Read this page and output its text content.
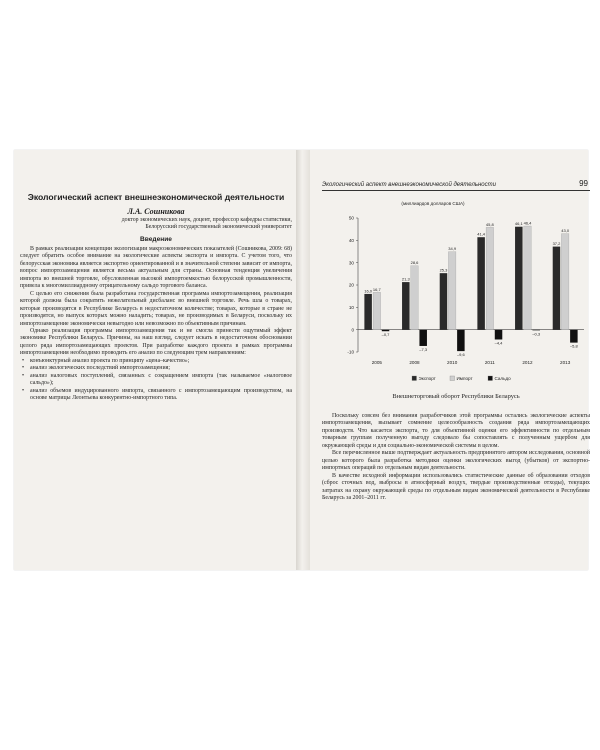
Экологический аспект внешнеэкономической деятельности
Л.А. Сошникова

доктор экономических наук, доцент, профессор кафедры статистики,

Белорусский государственный экономический университет

Введение

В рамках реализации концепции экологизации макроэкономических показателей (Сошникова, 2009: 68) следует обратить особое внимание на экологические аспекты экспорта и импорта. С учетом того, что белорусская экономика является экспортно ориентированной и в значительной степени зависит от импорта, вопрос импортозамещения является весьма актуальным для страны. Основная тенденция увеличения импорта во внешней торговле, обусловленная высокой импортоемкостью белорусской промышленности, привела к многомиллиардному отрицательному сальдо торгового баланса.

С целью его снижения была разработана государственная программа импортозамещения, реализация которой должна была сократить нежелательный дисбаланс во внешней торговле. Речь шла о товарах, которые производятся в Республике Беларусь в недостаточном количестве; товарах, которые в стране не производятся, но выпуск которых можно наладить; товарах, не производимых в Беларуси, поскольку их импортозамещение экономически невыгодно или невозможно по объективным причинам.

Однако реализация программы импортозамещения так и не смогла принести ощутимый эффект экономике Республики Беларусь. Причины, на наш взгляд, следует искать в недостаточном обосновании целого ряда импортозамещающих проектов. При разработке каждого проекта в рамках программы импортозамещения необходимо проводить его анализ по следующим трем направлениям:

• конъюнктурный анализ проекта по принципу «цена–качество»;
• анализ экологических последствий импортозамещения;
• анализ налоговых поступлений, связанных с сокращением импорта (так называемое «налоговое сальдо»);
• анализ объемов индуцированного импорта, связанного с импортозамещающим производством, на основе матрицы Леонтьева конкурентно-импортного типа.
Экологический аспект внешнеэкономической деятельности	99
(миллиардов долларов США)
-10
0
10
20
30
40
50
16,0 16,7
–0,7
2005
21,3
28,6
–7,3
2008
25,3
34,9
–9,6
2010
41,4
45,8
–4,4
2011
46,1 46,4
–0,3
2012
37,2
43,0
–5,8
2013
Экспорт	Импорт	Сальдо
Внешнеторговый оборот Республики Беларусь

Поскольку совсем без внимания разработчиков этой программы остались экологические аспекты импортозамещения, вызывает сомнение целесообразность создания ряда импортозамещающих производств. Что касается экспорта, то для объективной оценки его эффективности по отдельным товарным группам полученную выгоду следовало бы сопоставлять с полученным ущербом для окружающей среды и для социально-экономической системы в целом.

Все перечисленное выше подтверждает актуальность предпринятого автором исследования, основной целью которого была разработка методики оценки экологических выгод (убытков) от экспортно-импортных операций по отдельным видам деятельности.

В качестве исходной информации использовались статистические данные об образовании отходов (сброс сточных вод, выбросы в атмосферный воздух, твердые производственные отходы), текущих затратах на охрану окружающей среды по отдельным видам экономической деятельности в Республике Беларусь за 2001–2011 гг.
